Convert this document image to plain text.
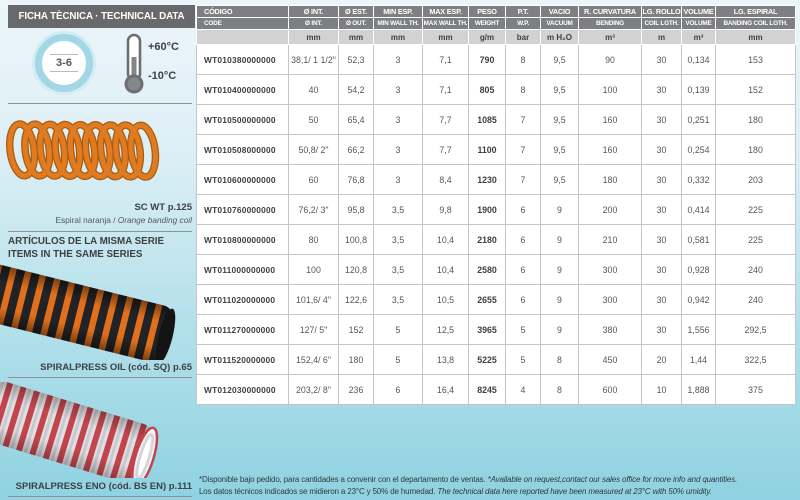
FICHA TÈCNICA · TECHNICAL DATA
3-6
+60°C
-10°C
SC WT p.125
Espiral naranja / Orange banding coil
ARTÍCULOS DE LA MISMA SERIE
ITEMS IN THE SAME SERIES
SPIRALPRESS OIL (cód. SQ) p.65
SPIRALPRESS ENO (cód. BS EN) p.111
CÓDIGO	Ø INT.	Ø EST.	MIN ESP.	MAX ESP.	PESO	P.T.	VACIO	R. CURVATURA	LG. ROLLO	VOLUME	LG. ESPIRAL
CODE	Ø INT.	Ø OUT.	MIN WALL TH.	MAX WALL TH.	WEIGHT	W.P.	VACUUM	BENDING	COIL LGTH.	VOLUME	BANDING COIL LGTH.
	mm	mm	mm	mm	g/m	bar	m H₂O	m³	m	m³	mm
WT010380000000	38,1/ 1 1/2"	52,3	3	7,1	790	8	9,5	90	30	0,134	153
WT010400000000	40	54,2	3	7,1	805	8	9,5	100	30	0,139	152
WT010500000000	50	65,4	3	7,7	1085	7	9,5	160	30	0,251	180
WT010508000000	50,8/ 2"	66,2	3	7,7	1100	7	9,5	160	30	0,254	180
WT010600000000	60	76,8	3	8,4	1230	7	9,5	180	30	0,332	203
WT010760000000	76,2/ 3"	95,8	3,5	9,8	1900	6	9	200	30	0,414	225
WT010800000000	80	100,8	3,5	10,4	2180	6	9	210	30	0,581	225
WT011000000000	100	120,8	3,5	10,4	2580	6	9	300	30	0,928	240
WT011020000000	101,6/ 4"	122,6	3,5	10,5	2655	6	9	300	30	0,942	240
WT011270000000	127/ 5"	152	5	12,5	3965	5	9	380	30	1,556	292,5
WT011520000000	152,4/ 6"	180	5	13,8	5225	5	8	450	20	1,44	322,5
WT012030000000	203,2/ 8"	236	6	16,4	8245	4	8	600	10	1,888	375
*Disponible bajo pedido, para cantidades a convenir con el departamento de ventas. *Available on request,contact our sales office for more info and quantities.
Los datos técnicos indicados se midieron a 23°C y 50% de humedad. The technical data here reported have been measured at 23°C with 50% umidity.
